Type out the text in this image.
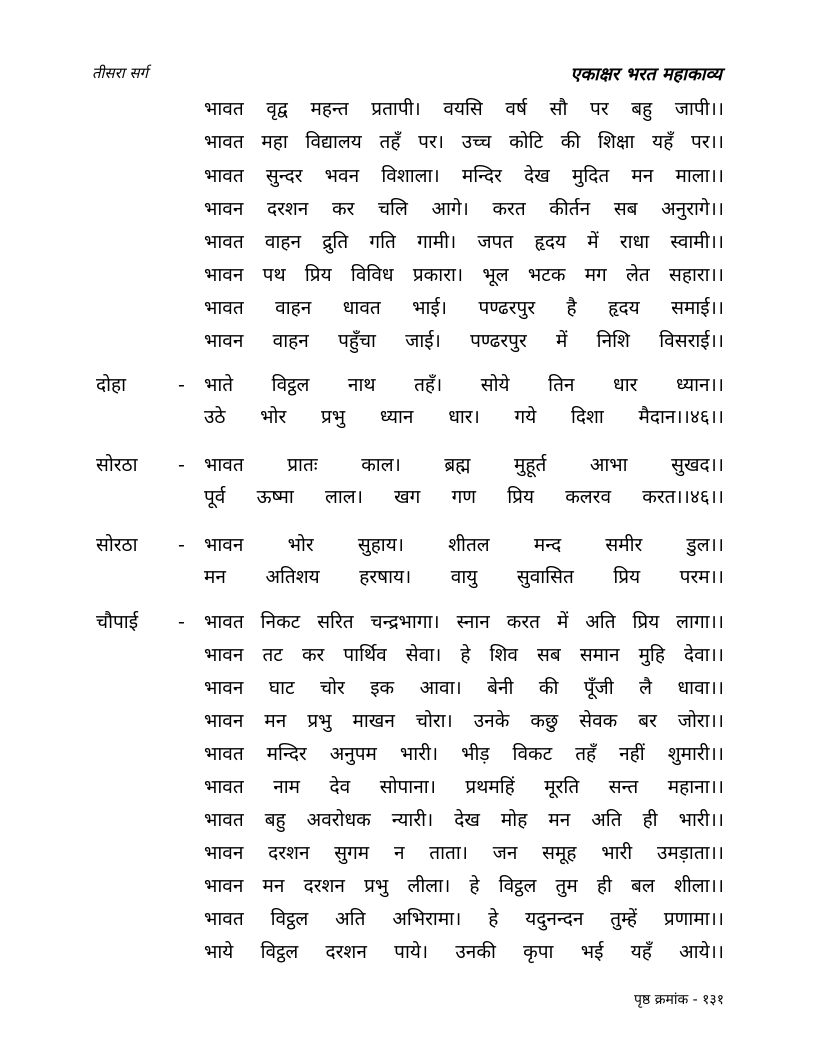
तीसरा सर्ग	एकाक्षर भरत महाकाव्य
भावत वृद्व महन्त प्रतापी। वयसि वर्ष सौ पर बहु जापी।।
भावत महा विद्यालय तहँ पर। उच्च कोटि की शिक्षा यहँ पर।।
भावत सुन्दर भवन विशाला। मन्दिर देख मुदित मन माला।।
भावन दरशन कर चलि आगे। करत कीर्तन सब अनुरागे।।
भावत वाहन द्रुति गति गामी। जपत हृदय में राधा स्वामी।।
भावन पथ प्रिय विविध प्रकारा। भूल भटक मग लेत सहारा।।
भावत वाहन धावत भाई। पण्ढरपुर है हृदय समाई।।
भावन वाहन पहुँचा जाई। पण्ढरपुर में निशि विसराई।।
दोहा	- भाते विट्ठल नाथ तहँ। सोये तिन धार ध्यान।।
उठे भोर प्रभु ध्यान धार। गये दिशा मैदान।।४६।।
सोरठा - भावत प्रातः काल। ब्रह्म मुहूर्त आभा सुखद।।
पूर्व ऊष्मा लाल। खग गण प्रिय कलरव करत।।४६।।
सोरठा - भावन भोर सुहाय। शीतल मन्द समीर डुल।।
मन अतिशय हरषाय। वायु सुवासित प्रिय परम।।
चौपाई - भावत निकट सरित चन्द्रभागा। स्नान करत में अति प्रिय लागा।।
भावन तट कर पार्थिव सेवा। हे शिव सब समान मुहि देवा।।
भावन घाट चोर इक आवा। बेनी की पूँजी लै धावा।।
भावन मन प्रभु माखन चोरा। उनके कछु सेवक बर जोरा।।
भावत मन्दिर अनुपम भारी। भीड़ विकट तहँ नहीं शुमारी।।
भावत नाम देव सोपाना। प्रथमहिं मूरति सन्त महाना।।
भावत बहु अवरोधक न्यारी। देख मोह मन अति ही भारी।।
भावन दरशन सुगम न ताता। जन समूह भारी उमड़ाता।।
भावन मन दरशन प्रभु लीला। हे विट्ठल तुम ही बल शीला।।
भावत विट्ठल अति अभिरामा। हे यदुनन्दन तुम्हें प्रणामा।।
भाये विट्ठल दरशन पाये। उनकी कृपा भई यहँ आये।।
पृष्ठ क्रमांक - १३१
